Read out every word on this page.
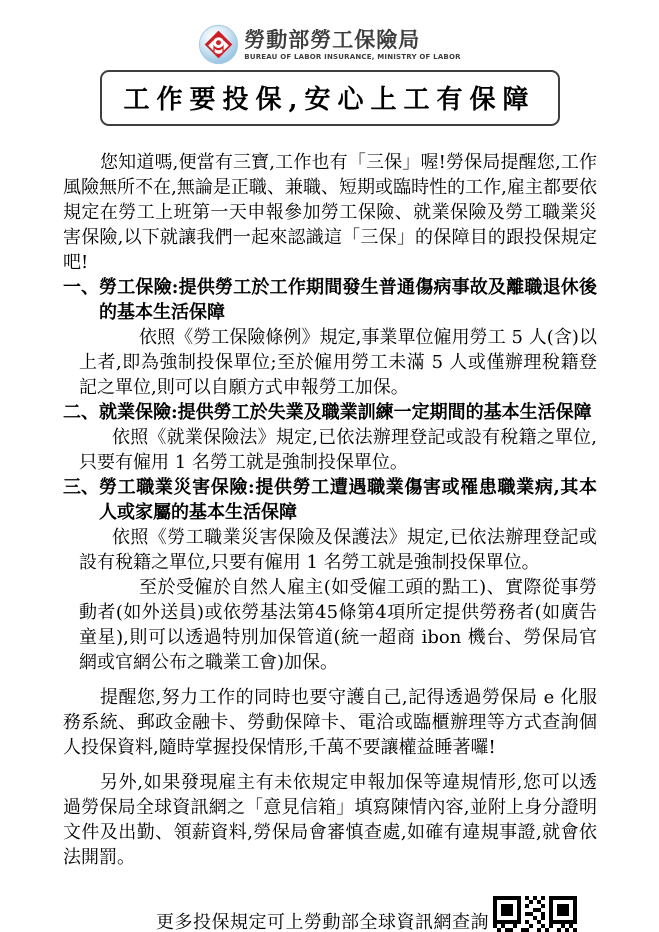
勞動部勞工保險局
BUREAU OF LABOR INSURANCE, MINISTRY OF LABOR
工作要投保,安心上工有保障

您知道嗎,便當有三寶,工作也有「三保」喔!勞保局提醒您,工作風險無所不在,無論是正職、兼職、短期或臨時性的工作,雇主都要依規定在勞工上班第一天申報參加勞工保險、就業保險及勞工職業災害保險,以下就讓我們一起來認識這「三保」的保障目的跟投保規定吧!

一、 勞工保險:提供勞工於工作期間發生普通傷病事故及離職退休後的基本生活保障

依照《勞工保險條例》規定,事業單位僱用勞工 5 人(含)以上者,即為強制投保單位;至於僱用勞工未滿 5 人或僅辦理稅籍登記之單位,則可以自願方式申報勞工加保。

二、 就業保險:提供勞工於失業及職業訓練一定期間的基本生活保障

依照《就業保險法》規定,已依法辦理登記或設有稅籍之單位,只要有僱用 1 名勞工就是強制投保單位。

三、 勞工職業災害保險:提供勞工遭遇職業傷害或罹患職業病,其本人或家屬的基本生活保障

依照《勞工職業災害保險及保護法》規定,已依法辦理登記或設有稅籍之單位,只要有僱用 1 名勞工就是強制投保單位。

至於受僱於自然人雇主(如受僱工頭的點工)、實際從事勞動者(如外送員)或依勞基法第45條第4項所定提供勞務者(如廣告童星),則可以透過特別加保管道(統一超商 ibon 機台、勞保局官網或官網公布之職業工會)加保。

提醒您,努力工作的同時也要守護自己,記得透過勞保局 e 化服務系統、郵政金融卡、勞動保障卡、電洽或臨櫃辦理等方式查詢個人投保資料,隨時掌握投保情形,千萬不要讓權益睡著囉!

另外,如果發現雇主有未依規定申報加保等違規情形,您可以透過勞保局全球資訊網之「意見信箱」填寫陳情內容,並附上身分證明文件及出勤、領薪資料,勞保局會審慎查處,如確有違規事證,就會依法開罰。

更多投保規定可上勞動部全球資訊網查詢
